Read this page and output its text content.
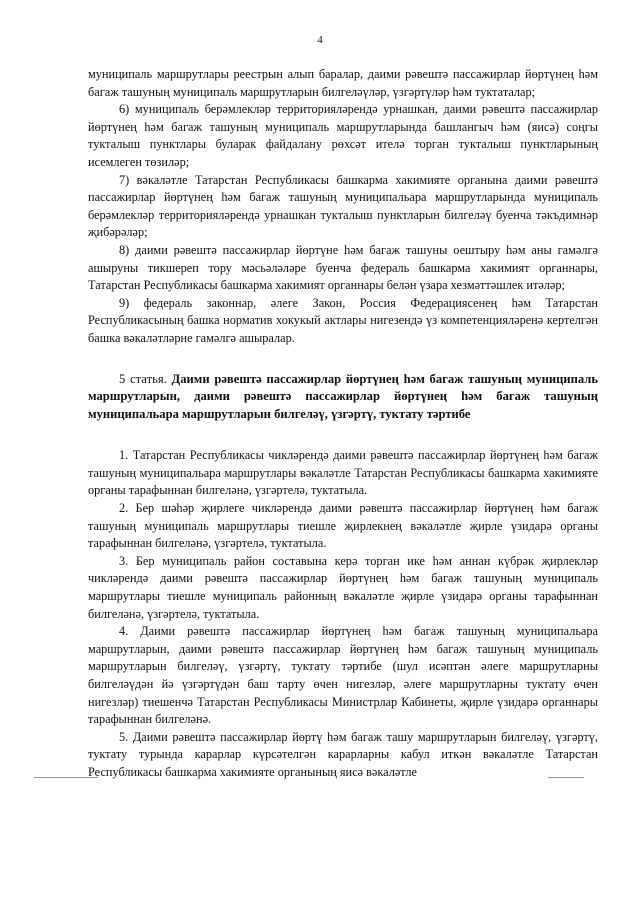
4

муниципаль маршрутлары реестрын алып баралар, даими рәвештә пассажирлар йөртүнең һәм багаж ташуның муниципаль маршрутларын билгеләүләр, үзгәртүләр һәм туктаталар;

6) муниципаль берәмлекләр территорияләрендә урнашкан, даими рәвештә пассажирлар йөртүнең һәм багаж ташуның муниципаль маршрутларында башлангыч һәм (яисә) соңгы тукталыш пунктлары буларак файдалану рөхсәт ителә торган тукталыш пунктларының исемлеген төзиләр;

7) вәкаләтле Татарстан Республикасы башкарма хакимияте органына даими рәвештә пассажирлар йөртүнең һәм багаж ташуның муниципальара маршрутларында муниципаль берәмлекләр территорияләрендә урнашкан тукталыш пунктларын билгеләү буенча тәкъдимнәр җибәрәләр;

8) даими рәвештә пассажирлар йөртүне һәм багаж ташуны оештыру һәм аны гамәлгә ашыруны тикшереп тору мәсьәләләре буенча федераль башкарма хакимият органнары, Татарстан Республикасы башкарма хакимият органнары белән үзара хезмәттәшлек итәләр;

9) федераль законнар, әлеге Закон, Россия Федерациясенең һәм Татарстан Республикасының башка норматив хокукый актлары нигезендә үз компетенцияләренә кертелгән башка вәкаләтләрне гамәлгә ашыралар.

5 статья. Даими рәвештә пассажирлар йөртүнең һәм багаж ташуның муниципаль маршрутларын, даими рәвештә пассажирлар йөртүнең һәм багаж ташуның муниципальара маршрутларын билгеләү, үзгәртү, туктату тәртибе

1. Татарстан Республикасы чикләрендә даими рәвештә пассажирлар йөртүнең һәм багаж ташуның муниципальара маршрутлары вәкаләтле Татарстан Республикасы башкарма хакимияте органы тарафыннан билгеләнә, үзгәртелә, туктатыла.

2. Бер шәһәр җирлеге чикләрендә даими рәвештә пассажирлар йөртүнең һәм багаж ташуның муниципаль маршрутлары тиешле җирлекнең вәкаләтле җирле үзидарә органы тарафыннан билгеләнә, үзгәртелә, туктатыла.

3. Бер муниципаль район составына керә торган ике һәм аннан күбрәк җирлекләр чикләрендә даими рәвештә пассажирлар йөртүнең һәм багаж ташуның муниципаль маршрутлары тиешле муниципаль районның вәкаләтле җирле үзидарә органы тарафыннан билгеләнә, үзгәртелә, туктатыла.

4. Даими рәвештә пассажирлар йөртүнең һәм багаж ташуның муниципальара маршрутларын, даими рәвештә пассажирлар йөртүнең һәм багаж ташуның муниципаль маршрутларын билгеләү, үзгәртү, туктату тәртибе (шул исәптән әлеге маршрутларны билгеләүдән йә үзгәртүдән баш тарту өчен нигезләр, әлеге маршрутларны туктату өчен нигезләр) тиешенчә Татарстан Республикасы Министрлар Кабинеты, җирле үзидарә органнары тарафыннан билгеләнә.

5. Даими рәвештә пассажирлар йөртү һәм багаж ташу маршрутларын билгеләү, үзгәртү, туктату турында карарлар күрсәтелгән карарларны кабул иткән вәкаләтле Татарстан Республикасы башкарма хакимияте органының яисә вәкаләтле
